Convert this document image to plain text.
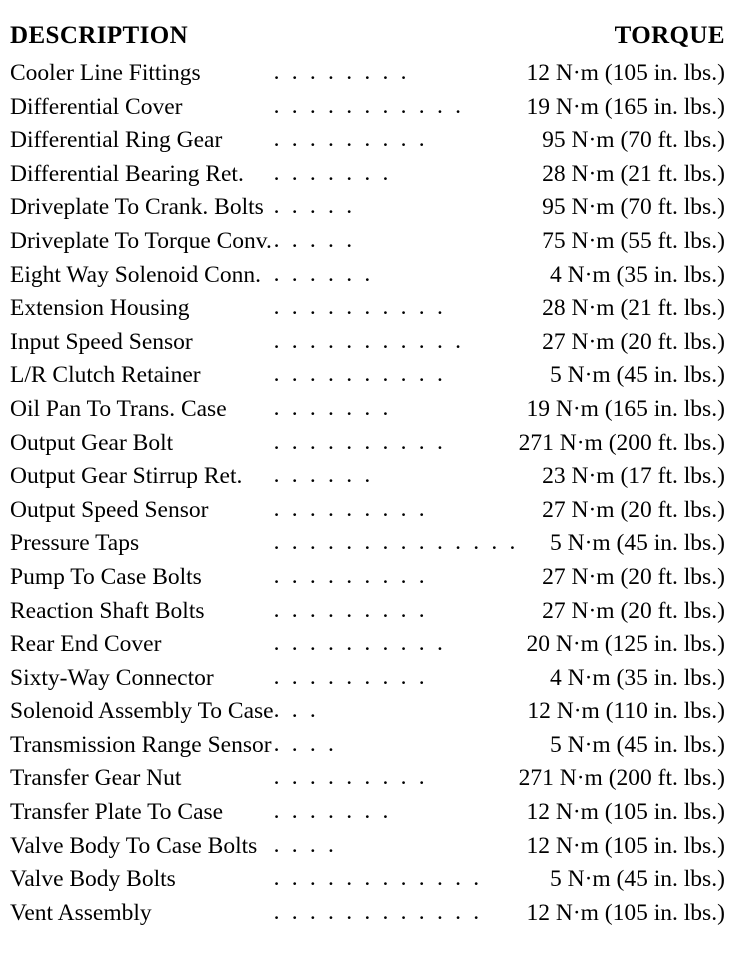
DESCRIPTION		TORQUE
Cooler Line Fittings	. . . . . . . .	12 N·m (105 in. lbs.)
Differential Cover	. . . . . . . . . . .	19 N·m (165 in. lbs.)
Differential Ring Gear	. . . . . . . . .	95 N·m (70 ft. lbs.)
Differential Bearing Ret.	. . . . . . .	28 N·m (21 ft. lbs.)
Driveplate To Crank. Bolts	. . . . .	95 N·m (70 ft. lbs.)
Driveplate To Torque Conv.	. . . . .	75 N·m (55 ft. lbs.)
Eight Way Solenoid Conn.	. . . . . .	4 N·m (35 in. lbs.)
Extension Housing	. . . . . . . . . .	28 N·m (21 ft. lbs.)
Input Speed Sensor	. . . . . . . . . . .	27 N·m (20 ft. lbs.)
L/R Clutch Retainer	. . . . . . . . . .	5 N·m (45 in. lbs.)
Oil Pan To Trans. Case	. . . . . . .	19 N·m (165 in. lbs.)
Output Gear Bolt	. . . . . . . . . .	271 N·m (200 ft. lbs.)
Output Gear Stirrup Ret.	. . . . . .	23 N·m (17 ft. lbs.)
Output Speed Sensor	. . . . . . . . .	27 N·m (20 ft. lbs.)
Pressure Taps	. . . . . . . . . . . . . .	5 N·m (45 in. lbs.)
Pump To Case Bolts	. . . . . . . . .	27 N·m (20 ft. lbs.)
Reaction Shaft Bolts	. . . . . . . . .	27 N·m (20 ft. lbs.)
Rear End Cover	. . . . . . . . . .	20 N·m (125 in. lbs.)
Sixty-Way Connector	. . . . . . . . .	4 N·m (35 in. lbs.)
Solenoid Assembly To Case	. . .	12 N·m (110 in. lbs.)
Transmission Range Sensor	. . . .	5 N·m (45 in. lbs.)
Transfer Gear Nut	. . . . . . . . .	271 N·m (200 ft. lbs.)
Transfer Plate To Case	. . . . . . .	12 N·m (105 in. lbs.)
Valve Body To Case Bolts	. . . .	12 N·m (105 in. lbs.)
Valve Body Bolts	. . . . . . . . . . . .	5 N·m (45 in. lbs.)
Vent Assembly	. . . . . . . . . . . .	12 N·m (105 in. lbs.)
